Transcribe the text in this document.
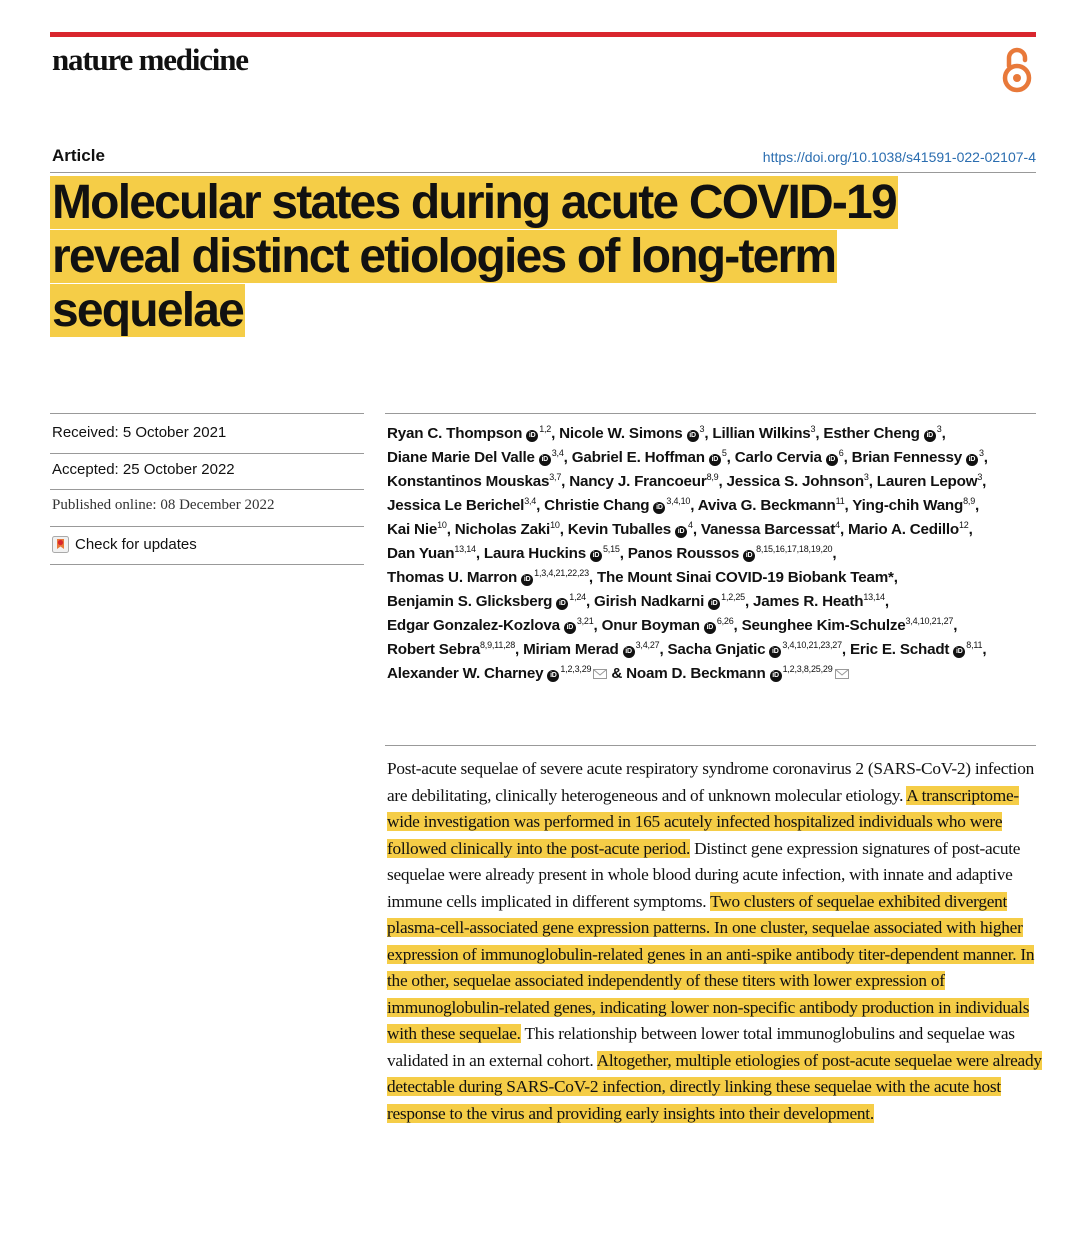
nature medicine
Article	https://doi.org/10.1038/s41591-022-02107-4
Molecular states during acute COVID-19 reveal distinct etiologies of long-term sequelae
Received: 5 October 2021
Accepted: 25 October 2022
Published online: 08 December 2022
Check for updates
Ryan C. Thompson iD$^{1,2}$, Nicole W. Simons $iD^3$, Lillian Wilkins$^3$, Esther Cheng $iD^3$, Diane Marie Del Valle iD$^{3,4}$, Gabriel E. Hoffman $iD^5$, Carlo Cervia $iD^6$, Brian Fennessy $iD^3$, Konstantinos Mouskas$^{3,7}$, Nancy J. Francoeur$^{8,9}$, Jessica S. Johnson$^3$, Lauren Lepow$^3$, Jessica Le Berichel$^{3,4}$, Christie Chang iD$^{3,4,10}$, Aviva G. Beckmann$^{11}$, Ying-chih Wang$^{8,9}$, Kai Nie$^{10}$, Nicholas Zaki$^{10}$, Kevin Tuballes $iD^4$, Vanessa Barcessat$^4$, Mario A. Cedillo$^{12}$, Dan Yuan$^{13,14}$, Laura Huckins iD$^{5,15}$, Panos Roussos iD$^{8,15,16,17,18,19,20}$, Thomas U. Marron iD$^{1,3,4,21,22,23}$, The Mount Sinai COVID-19 Biobank Team*, Benjamin S. Glicksberg iD$^{1,24}$, Girish Nadkarni iD$^{1,2,25}$, James R. Heath$^{13,14}$, Edgar Gonzalez-Kozlova iD$^{3,21}$, Onur Boyman iD$^{6,26}$, Seunghee Kim-Schulze$^{3,4,10,21,27}$, Robert Sebra$^{8,9,11,28}$, Miriam Merad iD$^{3,4,27}$, Sacha Gnjatic iD$^{3,4,10,21,23,27}$, Eric E. Schadt iD$^{8,11}$, Alexander W. Charney iD$^{1,2,3,29}$ & Noam D. Beckmann iD$^{1,2,3,8,25,29}$

Post-acute sequelae of severe acute respiratory syndrome coronavirus 2 (SARS-CoV-2) infection are debilitating, clinically heterogeneous and of unknown molecular etiology. A transcriptome-wide investigation was performed in 165 acutely infected hospitalized individuals who were followed clinically into the post-acute period. Distinct gene expression signatures of post-acute sequelae were already present in whole blood during acute infection, with innate and adaptive immune cells implicated in different symptoms. Two clusters of sequelae exhibited divergent plasma-cell-associated gene expression patterns. In one cluster, sequelae associated with higher expression of immunoglobulin-related genes in an anti-spike antibody titer-dependent manner. In the other, sequelae associated independently of these titers with lower expression of immunoglobulin-related genes, indicating lower non-specific antibody production in individuals with these sequelae. This relationship between lower total immunoglobulins and sequelae was validated in an external cohort. Altogether, multiple etiologies of post-acute sequelae were already detectable during SARS-CoV-2 infection, directly linking these sequelae with the acute host response to the virus and providing early insights into their development.
